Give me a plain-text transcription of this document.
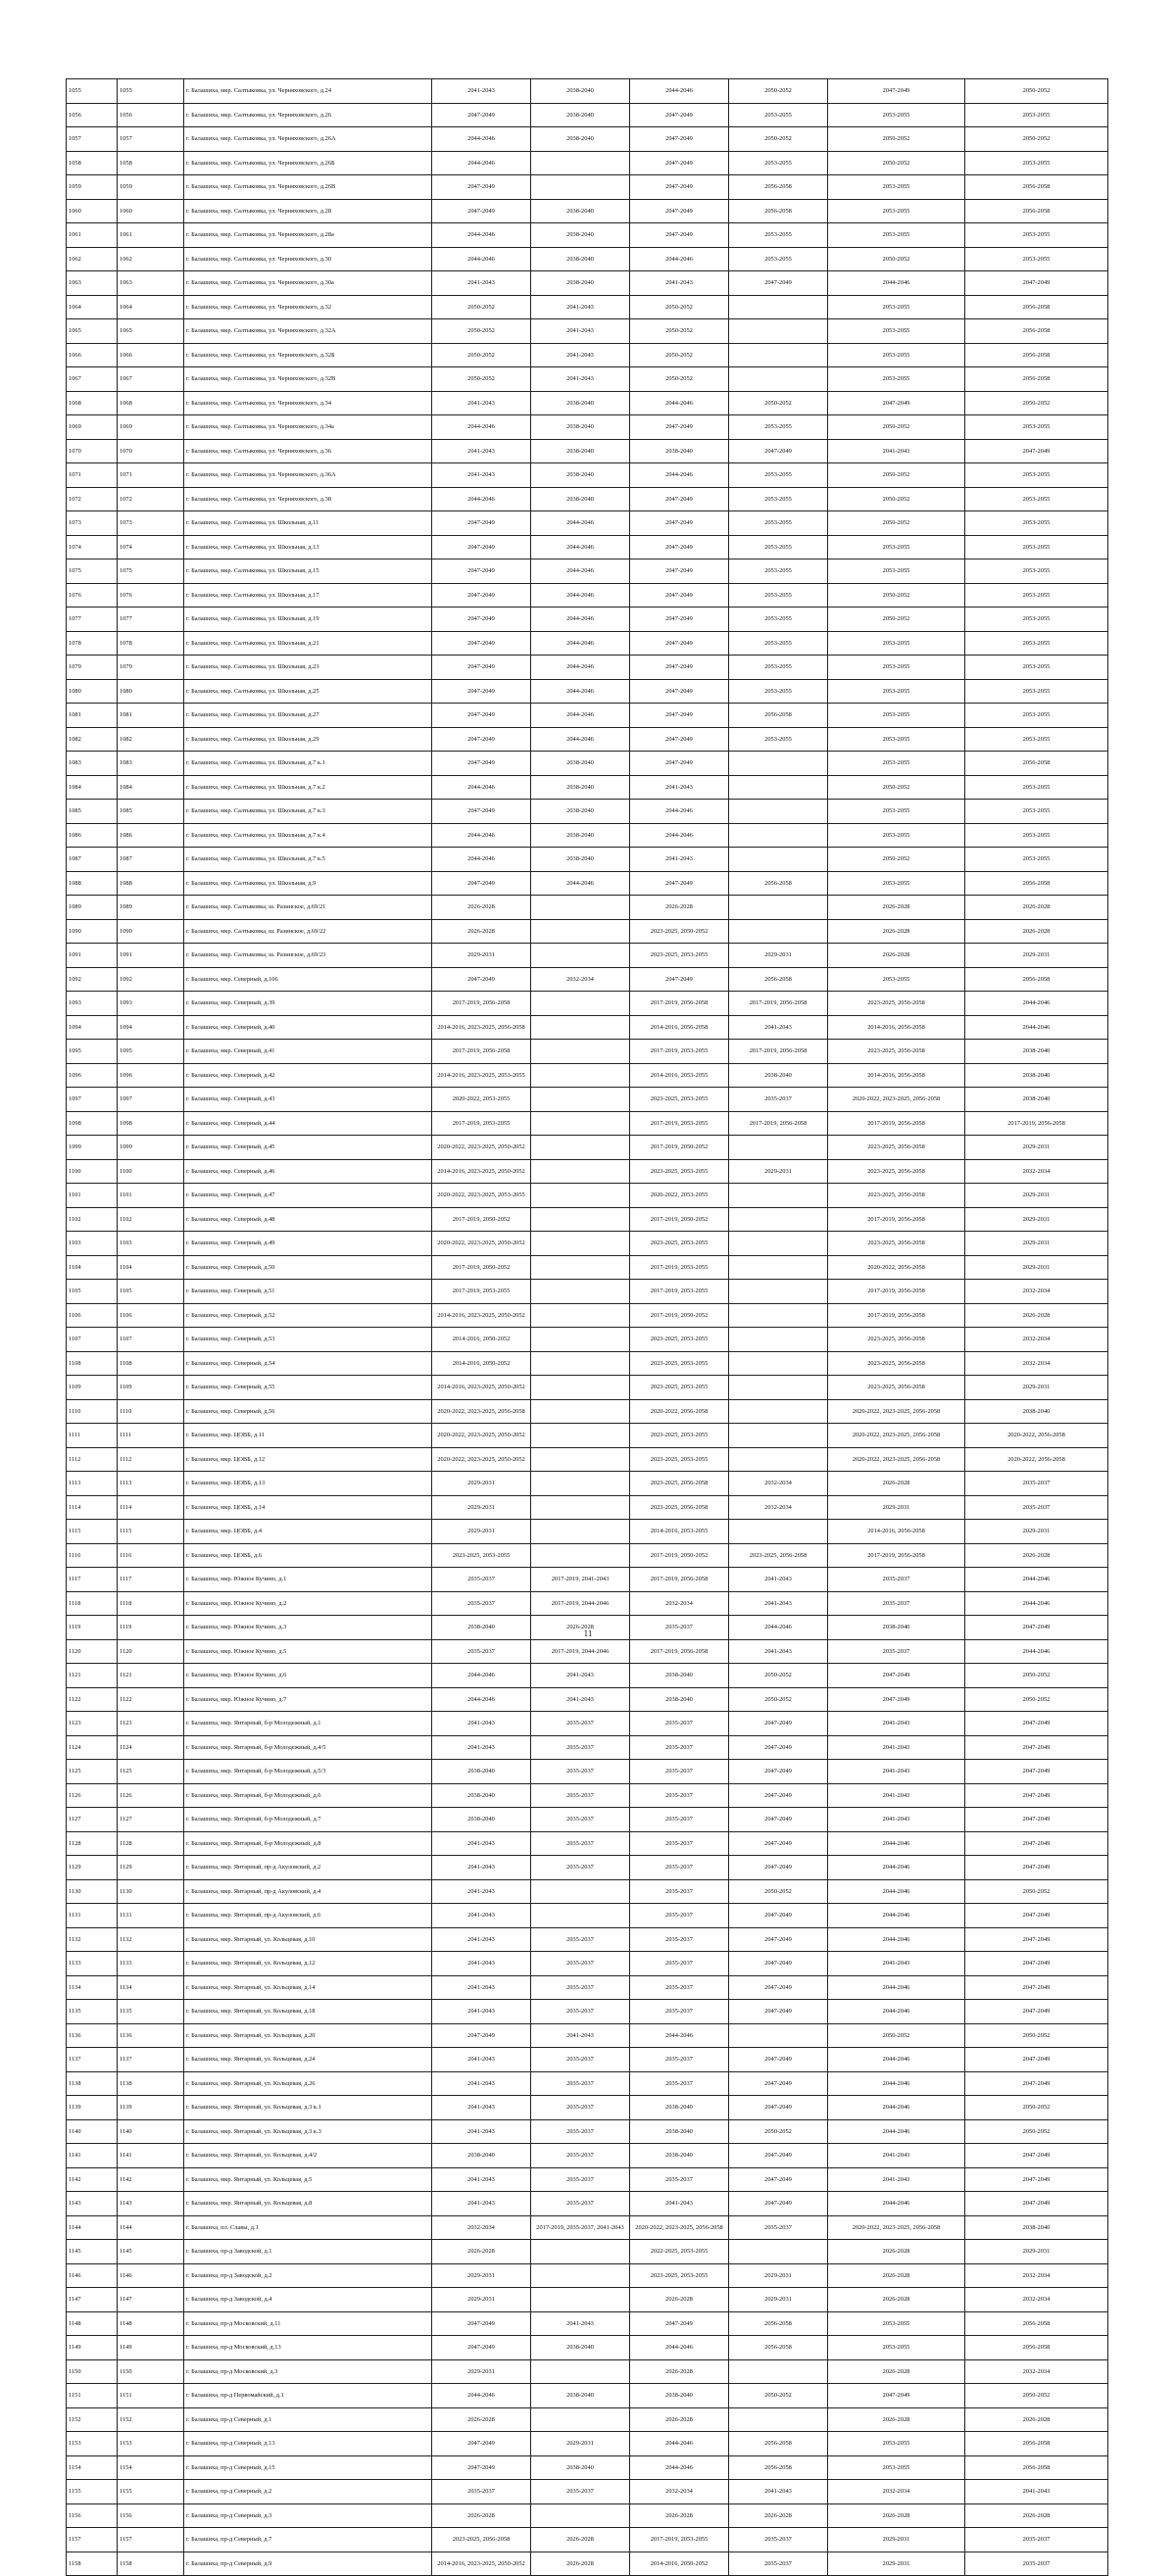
1055	1055	г. Балашиха, мкр. Салтыковка, ул. Черняховского, д.24	2041-2043	2038-2040	2044-2046	2050-2052	2047-2049	2050-2052
1056	1056	г. Балашиха, мкр. Салтыковка, ул. Черняховского, д.26	2047-2049	2038-2040	2047-2049	2053-2055	2053-2055	2053-2055
1057	1057	г. Балашиха, мкр. Салтыковка, ул. Черняховского, д.26А	2044-2046	2038-2040	2047-2049	2050-2052	2050-2052	2050-2052
1058	1058	г. Балашиха, мкр. Салтыковка, ул. Черняховского, д.26Б	2044-2046		2047-2049	2053-2055	2050-2052	2053-2055
1059	1059	г. Балашиха, мкр. Салтыковка, ул. Черняховского, д.26В	2047-2049		2047-2049	2056-2058	2053-2055	2056-2058
1060	1060	г. Балашиха, мкр. Салтыковка, ул. Черняховского, д.28	2047-2049	2038-2040	2047-2049	2056-2058	2053-2055	2056-2058
1061	1061	г. Балашиха, мкр. Салтыковка, ул. Черняховского, д.28а	2044-2046	2038-2040	2047-2049	2053-2055	2053-2055	2053-2055
1062	1062	г. Балашиха, мкр. Салтыковка, ул. Черняховского, д.30	2044-2046	2038-2040	2044-2046	2053-2055	2050-2052	2053-2055
1063	1063	г. Балашиха, мкр. Салтыковка, ул. Черняховского, д.30а	2041-2043	2038-2040	2041-2043	2047-2049	2044-2046	2047-2049
1064	1064	г. Балашиха, мкр. Салтыковка, ул. Черняховского, д.32	2050-2052	2041-2043	2050-2052		2053-2055	2056-2058
1065	1065	г. Балашиха, мкр. Салтыковка, ул. Черняховского, д.32А	2050-2052	2041-2043	2050-2052		2053-2055	2056-2058
1066	1066	г. Балашиха, мкр. Салтыковка, ул. Черняховского, д.32Б	2050-2052	2041-2043	2050-2052		2053-2055	2056-2058
1067	1067	г. Балашиха, мкр. Салтыковка, ул. Черняховского, д.32В	2050-2052	2041-2043	2050-2052		2053-2055	2056-2058
1068	1068	г. Балашиха, мкр. Салтыковка, ул. Черняховского, д.34	2041-2043	2038-2040	2044-2046	2050-2052	2047-2049	2050-2052
1069	1069	г. Балашиха, мкр. Салтыковка, ул. Черняховского, д.34а	2044-2046	2038-2040	2047-2049	2053-2055	2050-2052	2053-2055
1070	1070	г. Балашиха, мкр. Салтыковка, ул. Черняховского, д.36	2041-2043	2038-2040	2038-2040	2047-2049	2041-2043	2047-2049
1071	1071	г. Балашиха, мкр. Салтыковка, ул. Черняховского, д.36А	2041-2043	2038-2040	2044-2046	2053-2055	2050-2052	2053-2055
1072	1072	г. Балашиха, мкр. Салтыковка, ул. Черняховского, д.38	2044-2046	2038-2040	2047-2049	2053-2055	2050-2052	2053-2055
1073	1073	г. Балашиха, мкр. Салтыковка, ул. Школьная, д.11	2047-2049	2044-2046	2047-2049	2053-2055	2050-2052	2053-2055
1074	1074	г. Балашиха, мкр. Салтыковка, ул. Школьная, д.13	2047-2049	2044-2046	2047-2049	2053-2055	2053-2055	2053-2055
1075	1075	г. Балашиха, мкр. Салтыковка, ул. Школьная, д.15	2047-2049	2044-2046	2047-2049	2053-2055	2053-2055	2053-2055
1076	1076	г. Балашиха, мкр. Салтыковка, ул. Школьная, д.17	2047-2049	2044-2046	2047-2049	2053-2055	2050-2052	2053-2055
1077	1077	г. Балашиха, мкр. Салтыковка, ул. Школьная, д.19	2047-2049	2044-2046	2047-2049	2053-2055	2050-2052	2053-2055
1078	1078	г. Балашиха, мкр. Салтыковка, ул. Школьная, д.21	2047-2049	2044-2046	2047-2049	2053-2055	2053-2055	2053-2055
1079	1079	г. Балашиха, мкр. Салтыковка, ул. Школьная, д.23	2047-2049	2044-2046	2047-2049	2053-2055	2053-2055	2053-2055
1080	1080	г. Балашиха, мкр. Салтыковка, ул. Школьная, д.25	2047-2049	2044-2046	2047-2049	2053-2055	2053-2055	2053-2055
1081	1081	г. Балашиха, мкр. Салтыковка, ул. Школьная, д.27	2047-2049	2044-2046	2047-2049	2056-2058	2053-2055	2053-2055
1082	1082	г. Балашиха, мкр. Салтыковка, ул. Школьная, д.29	2047-2049	2044-2046	2047-2049	2053-2055	2053-2055	2053-2055
1083	1083	г. Балашиха, мкр. Салтыковка, ул. Школьная, д.7 к.1	2047-2049	2038-2040	2047-2049		2053-2055	2056-2058
1084	1084	г. Балашиха, мкр. Салтыковка, ул. Школьная, д.7 к.2	2044-2046	2038-2040	2041-2043		2050-2052	2053-2055
1085	1085	г. Балашиха, мкр. Салтыковка, ул. Школьная, д.7 к.3	2047-2049	2038-2040	2044-2046		2053-2055	2053-2055
1086	1086	г. Балашиха, мкр. Салтыковка, ул. Школьная, д.7 к.4	2044-2046	2038-2040	2044-2046		2053-2055	2053-2055
1087	1087	г. Балашиха, мкр. Салтыковка, ул. Школьная, д.7 к.5	2044-2046	2038-2040	2041-2043		2050-2052	2053-2055
1088	1088	г. Балашиха, мкр. Салтыковка, ул. Школьная, д.9	2047-2049	2044-2046	2047-2049	2056-2058	2053-2055	2056-2058
1089	1089	г. Балашиха, мкр. Салтыковка, ш. Разинское, д.69/21	2026-2028		2026-2028		2026-2028	2026-2028
1090	1090	г. Балашиха, мкр. Салтыковка, ш. Разинское, д.69/22	2026-2028		2023-2025, 2050-2052		2026-2028	2026-2028
1091	1091	г. Балашиха, мкр. Салтыковка, ш. Разинское, д.69/23	2029-2031		2023-2025, 2053-2055	2029-2031	2026-2028	2029-2031
1092	1092	г. Балашиха, мкр. Северный, д.106	2047-2049	2032-2034	2047-2049	2056-2058	2053-2055	2056-2058
1093	1093	г. Балашиха, мкр. Северный, д.39	2017-2019, 2056-2058		2017-2019, 2056-2058	2017-2019, 2056-2058	2023-2025, 2056-2058	2044-2046
1094	1094	г. Балашиха, мкр. Северный, д.40	2014-2016, 2023-2025, 2056-2058		2014-2016, 2056-2058	2041-2043	2014-2016, 2056-2058	2044-2046
1095	1095	г. Балашиха, мкр. Северный, д.41	2017-2019, 2056-2058		2017-2019, 2053-2055	2017-2019, 2056-2058	2023-2025, 2056-2058	2038-2040
1096	1096	г. Балашиха, мкр. Северный, д.42	2014-2016, 2023-2025, 2053-2055		2014-2016, 2053-2055	2038-2040	2014-2016, 2056-2058	2038-2040
1097	1097	г. Балашиха, мкр. Северный, д.43	2020-2022, 2053-2055		2023-2025, 2053-2055	2035-2037	2020-2022, 2023-2025, 2056-2058	2038-2040
1098	1098	г. Балашиха, мкр. Северный, д.44	2017-2019, 2053-2055		2017-2019, 2053-2055	2017-2019, 2056-2058	2017-2019, 2056-2058	2017-2019, 2056-2058
1099	1099	г. Балашиха, мкр. Северный, д.45	2020-2022, 2023-2025, 2050-2052		2017-2019, 2050-2052		2023-2025, 2056-2058	2029-2031
1100	1100	г. Балашиха, мкр. Северный, д.46	2014-2016, 2023-2025, 2050-2052		2023-2025, 2053-2055	2029-2031	2023-2025, 2056-2058	2032-2034
1101	1101	г. Балашиха, мкр. Северный, д.47	2020-2022, 2023-2025, 2053-2055		2020-2022, 2053-2055		2023-2025, 2056-2058	2029-2031
1102	1102	г. Балашиха, мкр. Северный, д.48	2017-2019, 2050-2052		2017-2019, 2050-2052		2017-2019, 2056-2058	2029-2031
1103	1103	г. Балашиха, мкр. Северный, д.49	2020-2022, 2023-2025, 2050-2052		2023-2025, 2053-2055		2023-2025, 2056-2058	2029-2031
1104	1104	г. Балашиха, мкр. Северный, д.50	2017-2019, 2050-2052		2017-2019, 2053-2055		2020-2022, 2056-2058	2029-2031
1105	1105	г. Балашиха, мкр. Северный, д.51	2017-2019, 2053-2055		2017-2019, 2053-2055		2017-2019, 2056-2058	2032-2034
1106	1106	г. Балашиха, мкр. Северный, д.52	2014-2016, 2023-2025, 2050-2052		2017-2019, 2050-2052		2017-2019, 2056-2058	2026-2028
1107	1107	г. Балашиха, мкр. Северный, д.53	2014-2016, 2050-2052		2023-2025, 2053-2055		2023-2025, 2056-2058	2032-2034
1108	1108	г. Балашиха, мкр. Северный, д.54	2014-2016, 2050-2052		2023-2025, 2053-2055		2023-2025, 2056-2058	2032-2034
1109	1109	г. Балашиха, мкр. Северный, д.55	2014-2016, 2023-2025, 2050-2052		2023-2025, 2053-2055		2023-2025, 2056-2058	2029-2031
1110	1110	г. Балашиха, мкр. Северный, д.56	2020-2022, 2023-2025, 2056-2058		2020-2022, 2056-2058		2020-2022, 2023-2025, 2056-2058	2038-2040
1111	1111	г. Балашиха, мкр. ЦОВБ, д.11	2020-2022, 2023-2025, 2050-2052		2023-2025, 2053-2055		2020-2022, 2023-2025, 2056-2058	2020-2022, 2056-2058
1112	1112	г. Балашиха, мкр. ЦОВБ, д.12	2020-2022, 2023-2025, 2050-2052		2023-2025, 2053-2055		2020-2022, 2023-2025, 2056-2058	2020-2022, 2056-2058
1113	1113	г. Балашиха, мкр. ЦОВБ, д.13	2029-2031		2023-2025, 2056-2058	2032-2034	2026-2028	2035-2037
1114	1114	г. Балашиха, мкр. ЦОВБ, д.14	2029-2031		2023-2025, 2056-2058	2032-2034	2029-2031	2035-2037
1115	1115	г. Балашиха, мкр. ЦОВБ, д.4	2029-2031		2014-2016, 2053-2055		2014-2016, 2056-2058	2029-2031
1116	1116	г. Балашиха, мкр. ЦОВБ, д.6	2023-2025, 2053-2055		2017-2019, 2050-2052	2023-2025, 2056-2058	2017-2019, 2056-2058	2026-2028
1117	1117	г. Балашиха, мкр. Южное Кучино, д.1	2035-2037	2017-2019, 2041-2043	2017-2019, 2056-2058	2041-2043	2035-2037	2044-2046
1118	1118	г. Балашиха, мкр. Южное Кучино, д.2	2035-2037	2017-2019, 2044-2046	2032-2034	2041-2043	2035-2037	2044-2046
1119	1119	г. Балашиха, мкр. Южное Кучино, д.3	2038-2040	2026-2028	2035-2037	2044-2046	2038-2040	2047-2049
1120	1120	г. Балашиха, мкр. Южное Кучино, д.5	2035-2037	2017-2019, 2044-2046	2017-2019, 2056-2058	2041-2043	2035-2037	2044-2046
1121	1121	г. Балашиха, мкр. Южное Кучино, д.6	2044-2046	2041-2043	2038-2040	2050-2052	2047-2049	2050-2052
1122	1122	г. Балашиха, мкр. Южное Кучино, д.7	2044-2046	2041-2043	2038-2040	2050-2052	2047-2049	2050-2052
1123	1123	г. Балашиха, мкр. Янтарный, б-р Молодежный, д.1	2041-2043	2035-2037	2035-2037	2047-2049	2041-2043	2047-2049
1124	1124	г. Балашиха, мкр. Янтарный, б-р Молодежный, д.4/5	2041-2043	2035-2037	2035-2037	2047-2049	2041-2043	2047-2049
1125	1125	г. Балашиха, мкр. Янтарный, б-р Молодежный, д.5/3	2038-2040	2035-2037	2035-2037	2047-2049	2041-2043	2047-2049
1126	1126	г. Балашиха, мкр. Янтарный, б-р Молодежный, д.6	2038-2040	2035-2037	2035-2037	2047-2049	2041-2043	2047-2049
1127	1127	г. Балашиха, мкр. Янтарный, б-р Молодежный, д.7	2038-2040	2035-2037	2035-2037	2047-2049	2041-2043	2047-2049
1128	1128	г. Балашиха, мкр. Янтарный, б-р Молодежный, д.8	2041-2043	2035-2037	2035-2037	2047-2049	2044-2046	2047-2049
1129	1129	г. Балашиха, мкр. Янтарный, пр-д Акуловский, д.2	2041-2043	2035-2037	2035-2037	2047-2049	2044-2046	2047-2049
1130	1130	г. Балашиха, мкр. Янтарный, пр-д Акуловский, д.4	2041-2043		2035-2037	2050-2052	2044-2046	2050-2052
1131	1131	г. Балашиха, мкр. Янтарный, пр-д Акуловский, д.6	2041-2043		2035-2037	2047-2049	2044-2046	2047-2049
1132	1132	г. Балашиха, мкр. Янтарный, ул. Кольцевая, д.10	2041-2043	2035-2037	2035-2037	2047-2049	2044-2046	2047-2049
1133	1133	г. Балашиха, мкр. Янтарный, ул. Кольцевая, д.12	2041-2043	2035-2037	2035-2037	2047-2049	2041-2043	2047-2049
1134	1134	г. Балашиха, мкр. Янтарный, ул. Кольцевая, д.14	2041-2043	2035-2037	2035-2037	2047-2049	2044-2046	2047-2049
1135	1135	г. Балашиха, мкр. Янтарный, ул. Кольцевая, д.18	2041-2043	2035-2037	2035-2037	2047-2049	2044-2046	2047-2049
1136	1136	г. Балашиха, мкр. Янтарный, ул. Кольцевая, д.20	2047-2049	2041-2043	2044-2046		2050-2052	2050-2052
1137	1137	г. Балашиха, мкр. Янтарный, ул. Кольцевая, д.24	2041-2043	2035-2037	2035-2037	2047-2049	2044-2046	2047-2049
1138	1138	г. Балашиха, мкр. Янтарный, ул. Кольцевая, д.26	2041-2043	2035-2037	2035-2037	2047-2049	2044-2046	2047-2049
1139	1139	г. Балашиха, мкр. Янтарный, ул. Кольцевая, д.3 к.1	2041-2043	2035-2037	2038-2040	2047-2049	2044-2046	2050-2052
1140	1140	г. Балашиха, мкр. Янтарный, ул. Кольцевая, д.3 к.3	2041-2043	2035-2037	2038-2040	2050-2052	2044-2046	2050-2052
1141	1141	г. Балашиха, мкр. Янтарный, ул. Кольцевая, д.4/2	2038-2040	2035-2037	2038-2040	2047-2049	2041-2043	2047-2049
1142	1142	г. Балашиха, мкр. Янтарный, ул. Кольцевая, д.5	2041-2043	2035-2037	2035-2037	2047-2049	2041-2043	2047-2049
1143	1143	г. Балашиха, мкр. Янтарный, ул. Кольцевая, д.8	2041-2043	2035-2037	2041-2043	2047-2049	2044-2046	2047-2049
1144	1144	г. Балашиха, пл. Славы, д.1	2032-2034	2017-2019, 2035-2037, 2041-2043	2020-2022, 2023-2025, 2056-2058	2035-2037	2020-2022, 2023-2025, 2056-2058	2038-2040
1145	1145	г. Балашиха, пр-д Заводской, д.1	2026-2028		2022-2025, 2053-2055		2026-2028	2029-2031
1146	1146	г. Балашиха, пр-д Заводской, д.2	2029-2031		2023-2025, 2053-2055	2029-2031	2026-2028	2032-2034
1147	1147	г. Балашиха, пр-д Заводской, д.4	2029-2031		2026-2028	2029-2031	2026-2028	2032-2034
1148	1148	г. Балашиха, пр-д Московский, д.11	2047-2049	2041-2043	2047-2049	2056-2058	2053-2055	2056-2058
1149	1149	г. Балашиха, пр-д Московский, д.13	2047-2049	2038-2040	2044-2046	2056-2058	2053-2055	2056-2058
1150	1150	г. Балашиха, пр-д Московский, д.3	2029-2031		2026-2028		2026-2028	2032-2034
1151	1151	г. Балашиха, пр-д Первомайский, д.1	2044-2046	2038-2040	2038-2040	2050-2052	2047-2049	2050-2052
1152	1152	г. Балашиха, пр-д Северный, д.1	2026-2028		2026-2028		2026-2028	2026-2028
1153	1153	г. Балашиха, пр-д Северный, д.13	2047-2049	2029-2031	2044-2046	2056-2058	2053-2055	2056-2058
1154	1154	г. Балашиха, пр-д Северный, д.15	2047-2049	2038-2040	2044-2046	2056-2058	2053-2055	2056-2058
1155	1155	г. Балашиха, пр-д Северный, д.2	2035-2037	2035-2037	2032-2034	2041-2043	2032-2034	2041-2043
1156	1156	г. Балашиха, пр-д Северный, д.3	2026-2028		2026-2028	2026-2028	2026-2028	2026-2028
1157	1157	г. Балашиха, пр-д Северный, д.7	2023-2025, 2056-2058	2026-2028	2017-2019, 2053-2055	2035-2037	2029-2031	2035-2037
1158	1158	г. Балашиха, пр-д Северный, д.9	2014-2016, 2023-2025, 2050-2052	2026-2028	2014-2016, 2050-2052	2035-2037	2029-2031	2035-2037
11
